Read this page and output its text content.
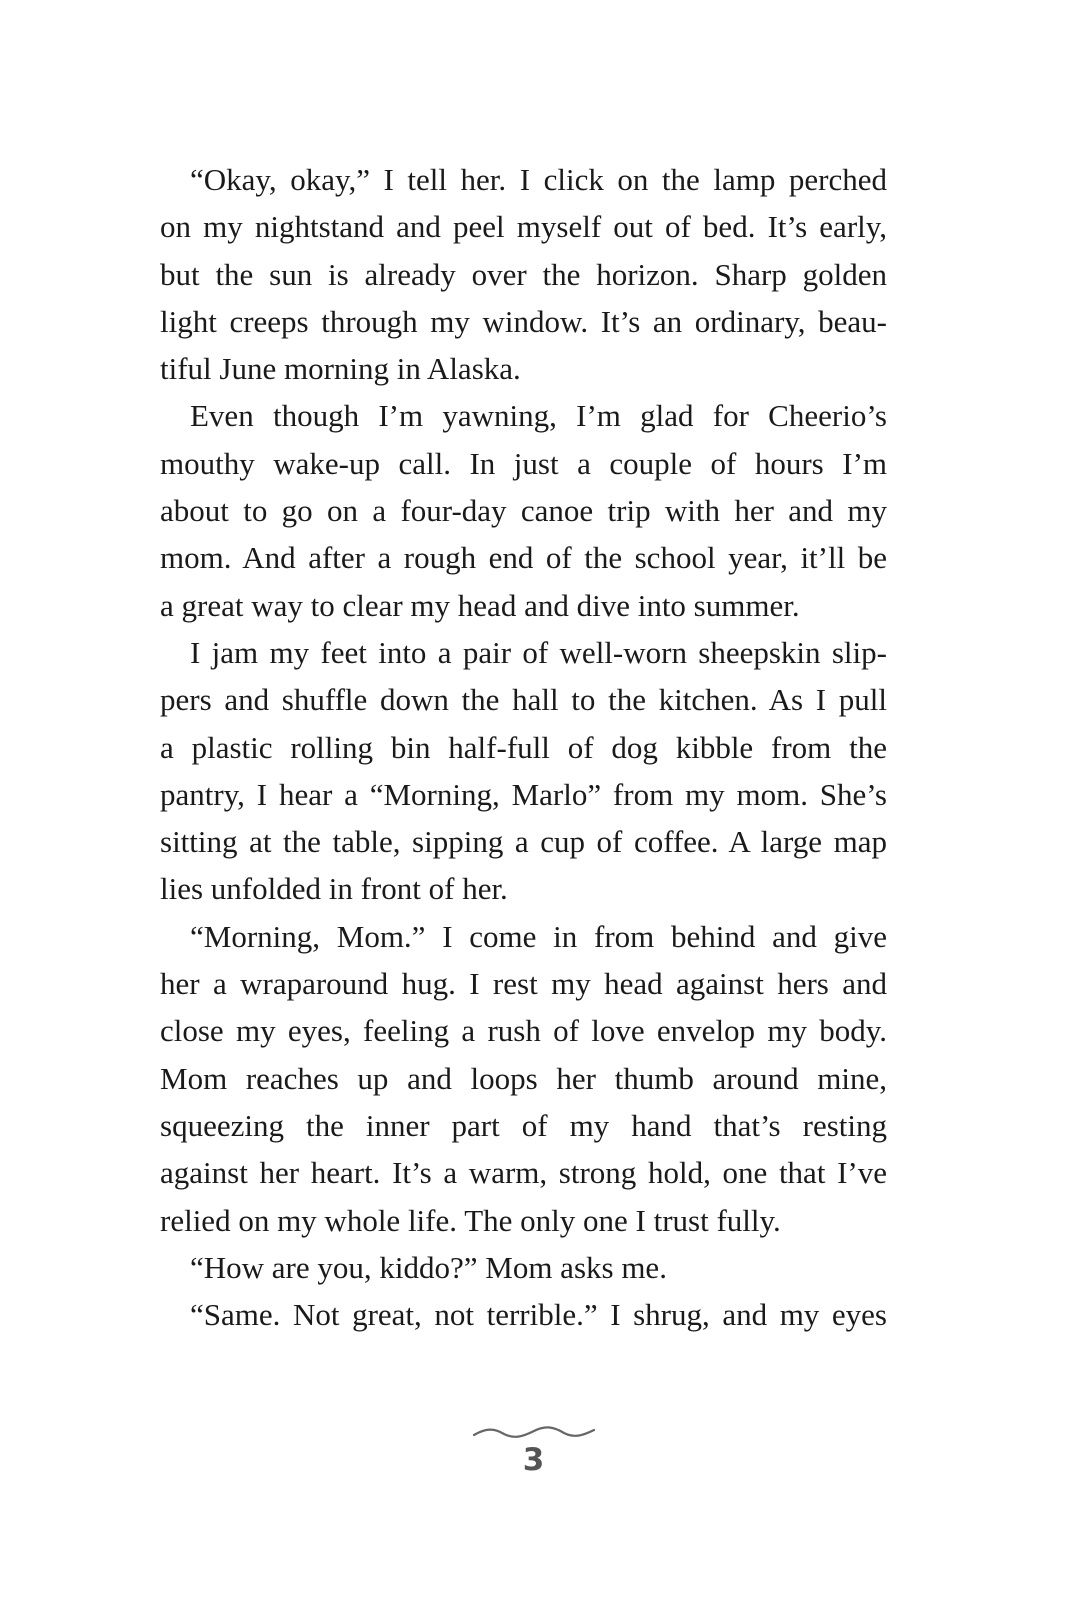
“Okay, okay,” I tell her. I click on the lamp perched
on my nightstand and peel myself out of bed. It’s early,
but the sun is already over the horizon. Sharp golden
light creeps through my window. It’s an ordinary, beau-
tiful June morning in Alaska.
Even though I’m yawning, I’m glad for Cheerio’s
mouthy wake-up call. In just a couple of hours I’m
about to go on a four-day canoe trip with her and my
mom. And after a rough end of the school year, it’ll be
a great way to clear my head and dive into summer.
I jam my feet into a pair of well-worn sheepskin slip-
pers and shuffle down the hall to the kitchen. As I pull
a plastic rolling bin half-full of dog kibble from the
pantry, I hear a “Morning, Marlo” from my mom. She’s
sitting at the table, sipping a cup of coffee. A large map
lies unfolded in front of her.
“Morning, Mom.” I come in from behind and give
her a wraparound hug. I rest my head against hers and
close my eyes, feeling a rush of love envelop my body.
Mom reaches up and loops her thumb around mine,
squeezing the inner part of my hand that’s resting
against her heart. It’s a warm, strong hold, one that I’ve
relied on my whole life. The only one I trust fully.
“How are you, kiddo?” Mom asks me.
“Same. Not great, not terrible.” I shrug, and my eyes
3
